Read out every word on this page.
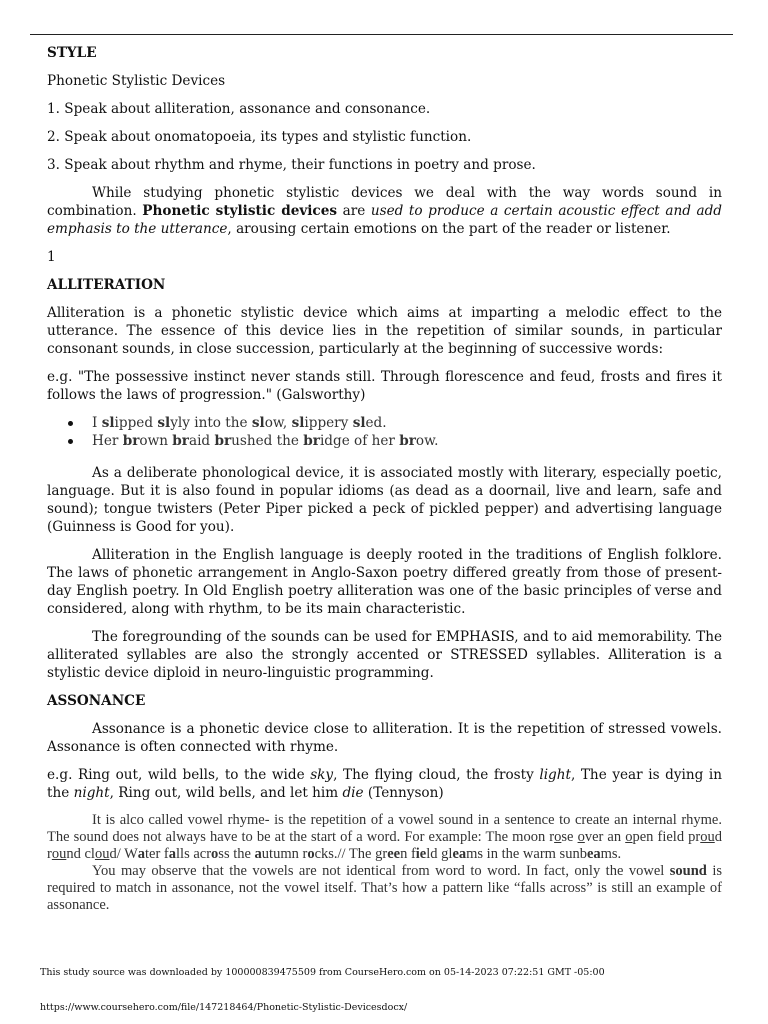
STYLE

Phonetic Stylistic Devices

1. Speak about alliteration, assonance and consonance.

2. Speak about onomatopoeia, its types and stylistic function.

3. Speak about rhythm and rhyme, their functions in poetry and prose.

While studying phonetic stylistic devices we deal with the way words sound in combination. Phonetic stylistic devices are used to produce a certain acoustic effect and add emphasis to the utterance, arousing certain emotions on the part of the reader or listener.

1

ALLITERATION

Alliteration is a phonetic stylistic device which aims at imparting a melodic effect to the utterance. The essence of this device lies in the repetition of similar sounds, in particular consonant sounds, in close succession, particularly at the beginning of successive words:

e.g. "The possessive instinct never stands still. Through florescence and feud, frosts and fires it follows the laws of progression." (Galsworthy)

I slipped slyly into the slow, slippery sled.
Her brown braid brushed the bridge of her brow.

As a deliberate phonological device, it is associated mostly with literary, especially poetic, language. But it is also found in popular idioms (as dead as a doornail, live and learn, safe and sound); tongue twisters (Peter Piper picked a peck of pickled pepper) and advertising language (Guinness is Good for you).

Alliteration in the English language is deeply rooted in the traditions of English folklore. The laws of phonetic arrangement in Anglo-Saxon poetry differed greatly from those of present-day English poetry. In Old English poetry alliteration was one of the basic principles of verse and considered, along with rhythm, to be its main characteristic.

The foregrounding of the sounds can be used for EMPHASIS, and to aid memorability. The alliterated syllables are also the strongly accented or STRESSED syllables. Alliteration is a stylistic device diploid in neuro-linguistic programming.

ASSONANCE

Assonance is a phonetic device close to alliteration. It is the repetition of stressed vowels. Assonance is often connected with rhyme.

e.g. Ring out, wild bells, to the wide sky, The flying cloud, the frosty light, The year is dying in the night, Ring out, wild bells, and let him die (Tennyson)

It is alco called vowel rhyme- is the repetition of a vowel sound in a sentence to create an internal rhyme. The sound does not always have to be at the start of a word. For example: The moon rose over an open field proud round cloud/ Water falls across the autumn rocks.// The green field gleams in the warm sunbeams.

You may observe that the vowels are not identical from word to word. In fact, only the vowel sound is required to match in assonance, not the vowel itself. That’s how a pattern like “falls across” is still an example of assonance.

This study source was downloaded by 100000839475509 from CourseHero.com on 05-14-2023 07:22:51 GMT -05:00
https://www.coursehero.com/file/147218464/Phonetic-Stylistic-Devicesdocx/
